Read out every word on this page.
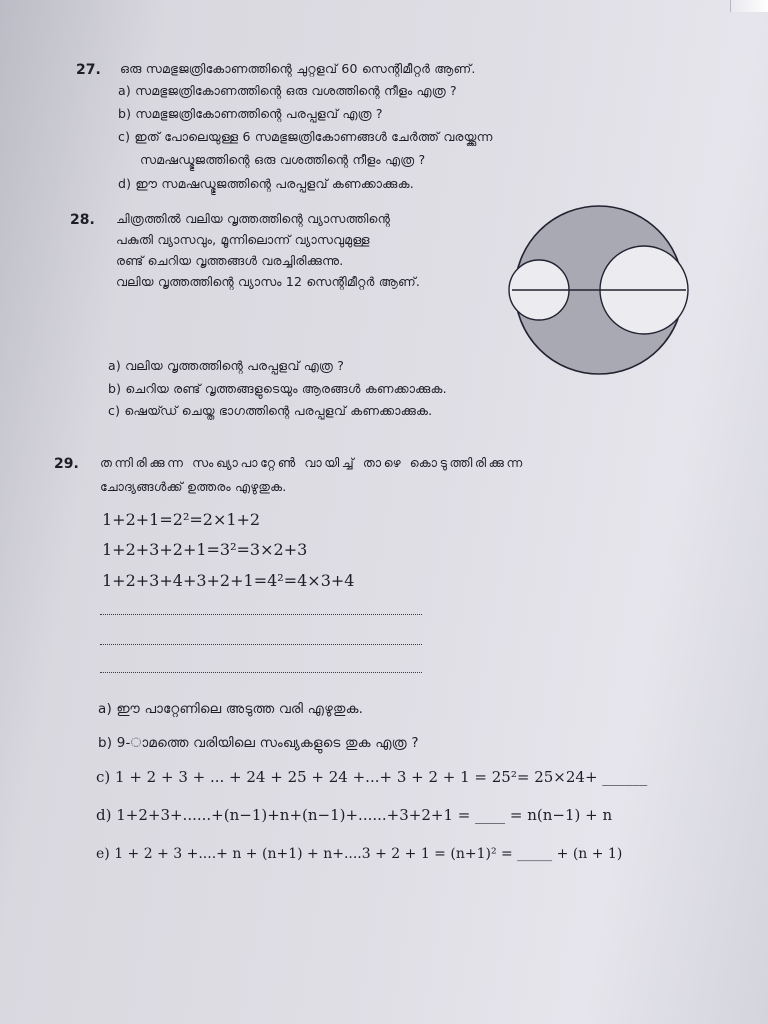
27. ഒരു സമഭുജത്രികോണത്തിന്റെ ചുറ്റളവ് 60 സെന്റിമീറ്റർ ആണ്.
a) സമഭുജത്രികോണത്തിന്റെ ഒരു വശത്തിന്റെ നീളം എത്ര ?
b) സമഭുജത്രികോണത്തിന്റെ പരപ്പളവ് എത്ര ?
c) ഇത് പോലെയുള്ള 6 സമഭുജത്രികോണങ്ങൾ ചേർത്ത് വരയ്ക്കുന്ന
സമഷഡ്ഭുജത്തിന്റെ ഒരു വശത്തിന്റെ നീളം എത്ര ?
d) ഈ സമഷഡ്ഭുജത്തിന്റെ പരപ്പളവ് കണക്കാക്കുക.
28. ചിത്രത്തിൽ വലിയ വൃത്തത്തിന്റെ വ്യാസത്തിന്റെ
പകുതി വ്യാസവും, മൂന്നിലൊന്ന് വ്യാസവുമുള്ള
രണ്ട് ചെറിയ വൃത്തങ്ങൾ വരച്ചിരിക്കുന്നു.
വലിയ വൃത്തത്തിന്റെ വ്യാസം 12 സെന്റിമീറ്റർ ആണ്.
a) വലിയ വൃത്തത്തിന്റെ പരപ്പളവ് എത്ര ?
b) ചെറിയ രണ്ട് വൃത്തങ്ങളുടെയും ആരങ്ങൾ കണക്കാക്കുക.
c) ഷെയ്ഡ് ചെയ്ത ഭാഗത്തിന്റെ പരപ്പളവ് കണക്കാക്കുക.
29. തന്നിരിക്കുന്ന സംഖ്യാപാറ്റേൺ വായിച്ച് താഴെ കൊടുത്തിരിക്കുന്ന
ചോദ്യങ്ങൾക്ക് ഉത്തരം എഴുതുക.
1+2+1=2²=2×1+2
1+2+3+2+1=3²=3×2+3
1+2+3+4+3+2+1=4²=4×3+4
a) ഈ പാറ്റേണിലെ അടുത്ത വരി എഴുതുക.
b) 9-ാമത്തെ വരിയിലെ സംഖ്യകളുടെ തുക എത്ര ?
c) 1 + 2 + 3 + ... + 24 + 25 + 24 +...+ 3 + 2 + 1 = 25²= 25×24+ ______
d) 1+2+3+......+(n−1)+n+(n−1)+......+3+2+1 = ____ = n(n−1) + n
e) 1 + 2 + 3 +....+ n + (n+1) + n+....3 + 2 + 1 = (n+1)² = _____ + (n + 1)
